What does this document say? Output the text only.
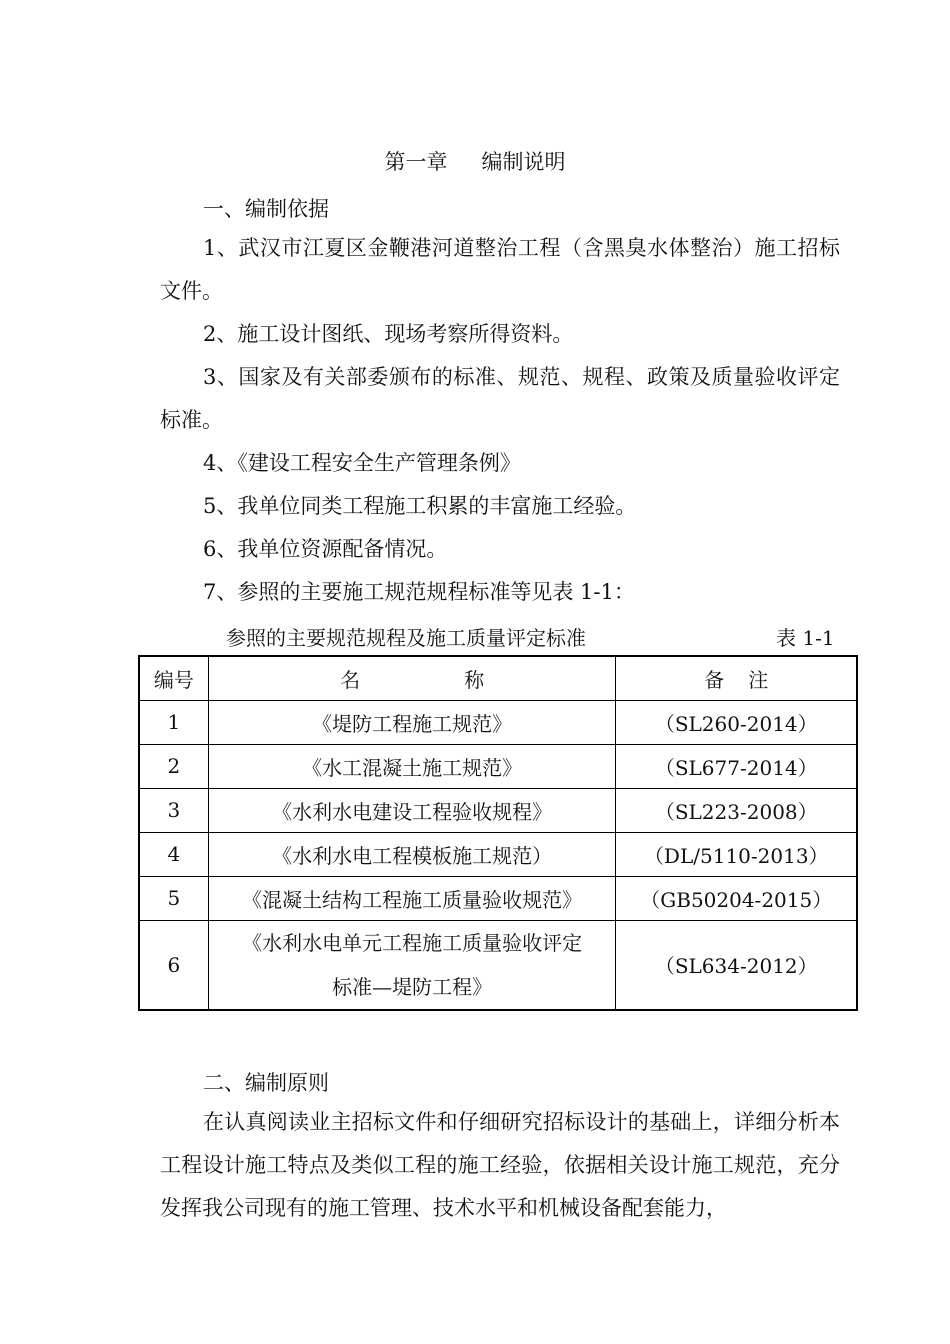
第一章 编制说明
一、编制依据

1、武汉市江夏区金鞭港河道整治工程（含黑臭水体整治）施工招标文件。

2、施工设计图纸、现场考察所得资料。

3、国家及有关部委颁布的标准、规范、规程、政策及质量验收评定标准。

4、《建设工程安全生产管理条例》

5、我单位同类工程施工积累的丰富施工经验。

6、我单位资源配备情况。

7、参照的主要施工规范规程标准等见表 1-1：

参照的主要规范规程及施工质量评定标准	表 1-1
编号	名 称	备 注
1	《堤防工程施工规范》	（SL260-2014）
2	《水工混凝土施工规范》	（SL677-2014）
3	《水利水电建设工程验收规程》	（SL223-2008）
4	《水利水电工程模板施工规范）	（DL/5110-2013）
5	《混凝土结构工程施工质量验收规范》	（GB50204-2015）
6	《水利水电单元工程施工质量验收评定
标准—堤防工程》	（SL634-2012）
二、编制原则

在认真阅读业主招标文件和仔细研究招标设计的基础上，详细分析本工程设计施工特点及类似工程的施工经验，依据相关设计施工规范，充分发挥我公司现有的施工管理、技术水平和机械设备配套能力，
